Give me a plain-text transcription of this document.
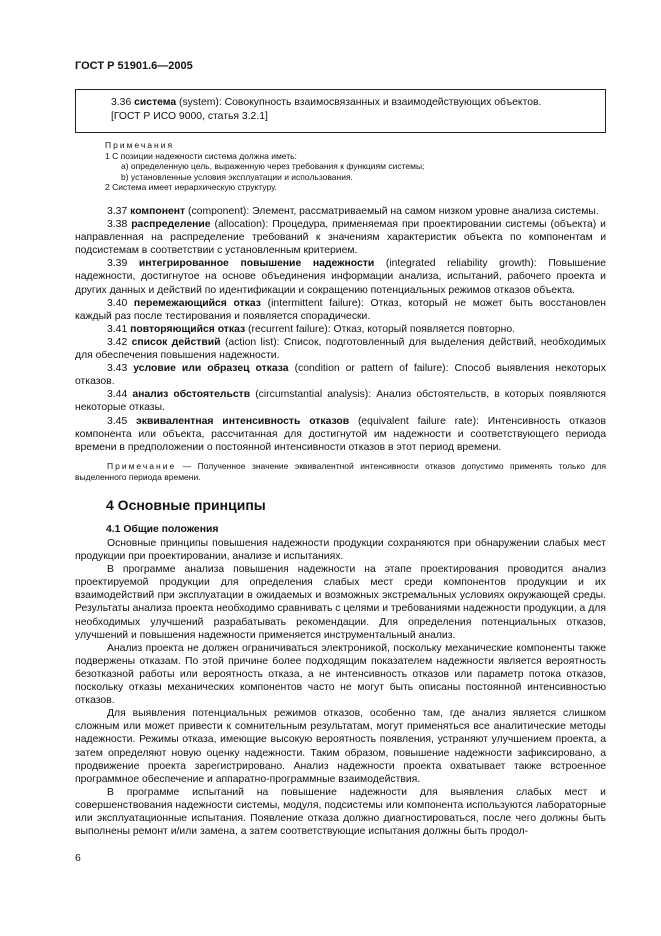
ГОСТ Р 51901.6—2005

3.36 система (system): Совокупность взаимосвязанных и взаимодействующих объектов.

[ГОСТ Р ИСО 9000, статья 3.2.1]

Примечания
1 С позиции надежности система должна иметь:
a) определенную цель, выраженную через требования к функциям системы;
b) установленные условия эксплуатации и использования.
2 Система имеет иерархическую структуру.

3.37 компонент (component): Элемент, рассматриваемый на самом низком уровне анализа системы.

3.38 распределение (allocation): Процедура, применяемая при проектировании системы (объекта) и направленная на распределение требований к значениям характеристик объекта по компонентам и подсистемам в соответствии с установленным критерием.

3.39 интегрированное повышение надежности (integrated reliability growth): Повышение надежности, достигнутое на основе объединения информации анализа, испытаний, рабочего проекта и других данных и действий по идентификации и сокращению потенциальных режимов отказов объекта.

3.40 перемежающийся отказ (intermittent failure): Отказ, который не может быть восстановлен каждый раз после тестирования и появляется спорадически.

3.41 повторяющийся отказ (recurrent failure): Отказ, который появляется повторно.

3.42 список действий (action list): Список, подготовленный для выделения действий, необходимых для обеспечения повышения надежности.

3.43 условие или образец отказа (condition or pattern of failure): Способ выявления некоторых отказов.

3.44 анализ обстоятельств (circumstantial analysis): Анализ обстоятельств, в которых появляются некоторые отказы.

3.45 эквивалентная интенсивность отказов (equivalent failure rate): Интенсивность отказов компонента или объекта, рассчитанная для достигнутой им надежности и соответствующего периода времени в предположении о постоянной интенсивности отказов в этот период времени.

Примечание — Полученное значение эквивалентной интенсивности отказов допустимо применять только для выделенного периода времени.

4 Основные принципы
4.1 Общие положения

Основные принципы повышения надежности продукции сохраняются при обнаружении слабых мест продукции при проектировании, анализе и испытаниях.

В программе анализа повышения надежности на этапе проектирования проводится анализ проектируемой продукции для определения слабых мест среди компонентов продукции и их взаимодействий при эксплуатации в ожидаемых и возможных экстремальных условиях окружающей среды. Результаты анализа проекта необходимо сравнивать с целями и требованиями надежности продукции, а для необходимых улучшений разрабатывать рекомендации. Для определения потенциальных отказов, улучшений и повышения надежности применяется инструментальный анализ.

Анализ проекта не должен ограничиваться электроникой, поскольку механические компоненты также подвержены отказам. По этой причине более подходящим показателем надежности является вероятность безотказной работы или вероятность отказа, а не интенсивность отказов или параметр потока отказов, поскольку отказы механических компонентов часто не могут быть описаны постоянной интенсивностью отказов.

Для выявления потенциальных режимов отказов, особенно там, где анализ является слишком сложным или может привести к сомнительным результатам, могут применяться все аналитические методы надежности. Режимы отказа, имеющие высокую вероятность появления, устраняют улучшением проекта, а затем определяют новую оценку надежности. Таким образом, повышение надежности зафиксировано, а продвижение проекта зарегистрировано. Анализ надежности проекта охватывает также встроенное программное обеспечение и аппаратно-программные взаимодействия.

В программе испытаний на повышение надежности для выявления слабых мест и совершенствования надежности системы, модуля, подсистемы или компонента используются лабораторные или эксплуатационные испытания. Появление отказа должно диагностироваться, после чего должны быть выполнены ремонт и/или замена, а затем соответствующие испытания должны быть продол-

6
